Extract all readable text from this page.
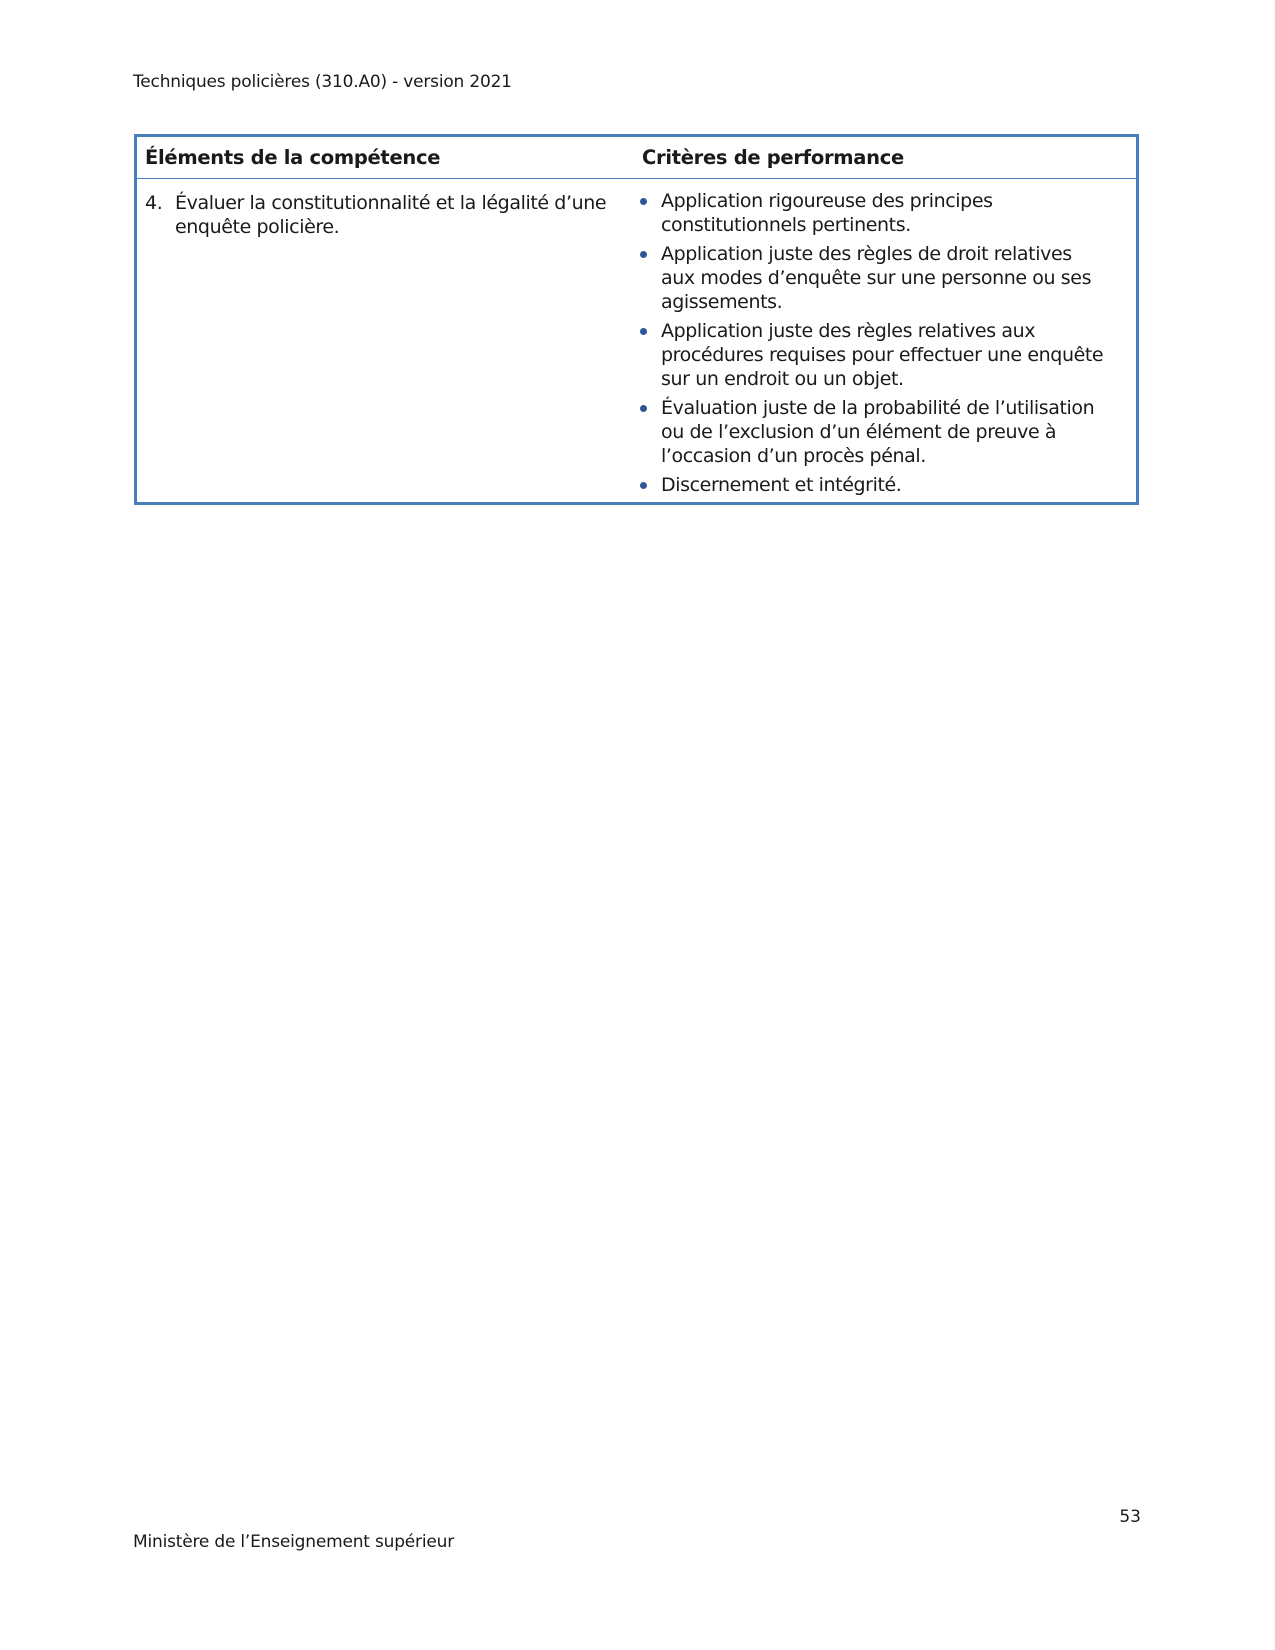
Techniques policières (310.A0) - version 2021
Éléments de la compétence	Critères de performance
4. Évaluer la constitutionnalité et la légalité d’une enquête policière.
Application rigoureuse des principes constitutionnels pertinents.
Application juste des règles de droit relatives aux modes d’enquête sur une personne ou ses agissements.
Application juste des règles relatives aux procédures requises pour effectuer une enquête sur un endroit ou un objet.
Évaluation juste de la probabilité de l’utilisation ou de l’exclusion d’un élément de preuve à l’occasion d’un procès pénal.
Discernement et intégrité.
53
Ministère de l’Enseignement supérieur
